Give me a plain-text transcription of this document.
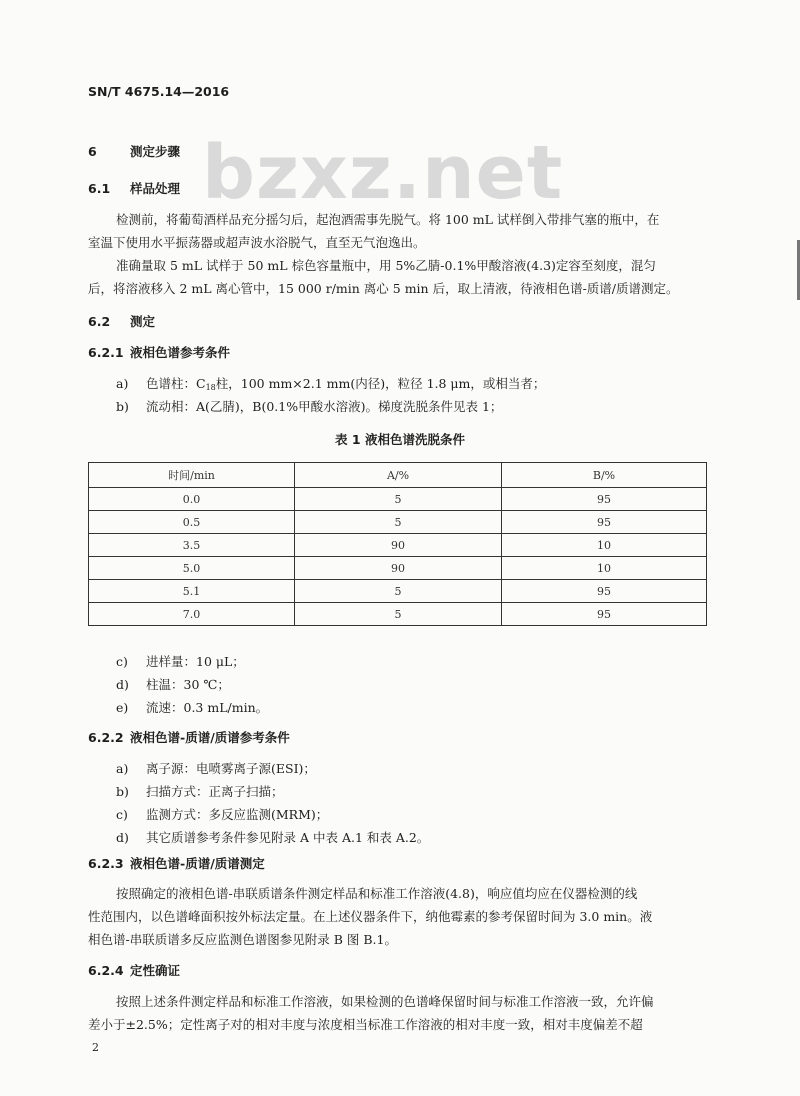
SN/T 4675.14—2016
bzxz.net
6	测定步骤
6.1 样品处理
检测前，将葡萄酒样品充分摇匀后，起泡酒需事先脱气。将 100 mL 试样倒入带排气塞的瓶中，在
室温下使用水平振荡器或超声波水浴脱气，直至无气泡逸出。
准确量取 5 mL 试样于 50 mL 棕色容量瓶中，用 5%乙腈-0.1%甲酸溶液(4.3)定容至刻度，混匀
后，将溶液移入 2 mL 离心管中，15 000 r/min 离心 5 min 后，取上清液，待液相色谱-质谱/质谱测定。
6.2 测定
6.2.1 液相色谱参考条件
a) 色谱柱：$C_{18}$柱，100 mm×2.1 mm(内径)，粒径 1.8 μm，或相当者；
b) 流动相：A(乙腈)，B(0.1%甲酸水溶液)。梯度洗脱条件见表 1；
表 1 液相色谱洗脱条件
时间/min	A/%	B/%
0.0	5	95
0.5	5	95
3.5	90	10
5.0	90	10
5.1	5	95
7.0	5	95
c) 进样量：10 μL；
d) 柱温：30 ℃；
e) 流速：0.3 mL/min。
6.2.2 液相色谱-质谱/质谱参考条件
a) 离子源：电喷雾离子源(ESI)；
b) 扫描方式：正离子扫描；
c) 监测方式：多反应监测(MRM)；
d) 其它质谱参考条件参见附录 A 中表 A.1 和表 A.2。
6.2.3 液相色谱-质谱/质谱测定
按照确定的液相色谱-串联质谱条件测定样品和标准工作溶液(4.8)，响应值均应在仪器检测的线
性范围内，以色谱峰面积按外标法定量。在上述仪器条件下，纳他霉素的参考保留时间为 3.0 min。液
相色谱-串联质谱多反应监测色谱图参见附录 B 图 B.1。
6.2.4 定性确证
按照上述条件测定样品和标准工作溶液，如果检测的色谱峰保留时间与标准工作溶液一致，允许偏
差小于±2.5%；定性离子对的相对丰度与浓度相当标准工作溶液的相对丰度一致，相对丰度偏差不超
2
